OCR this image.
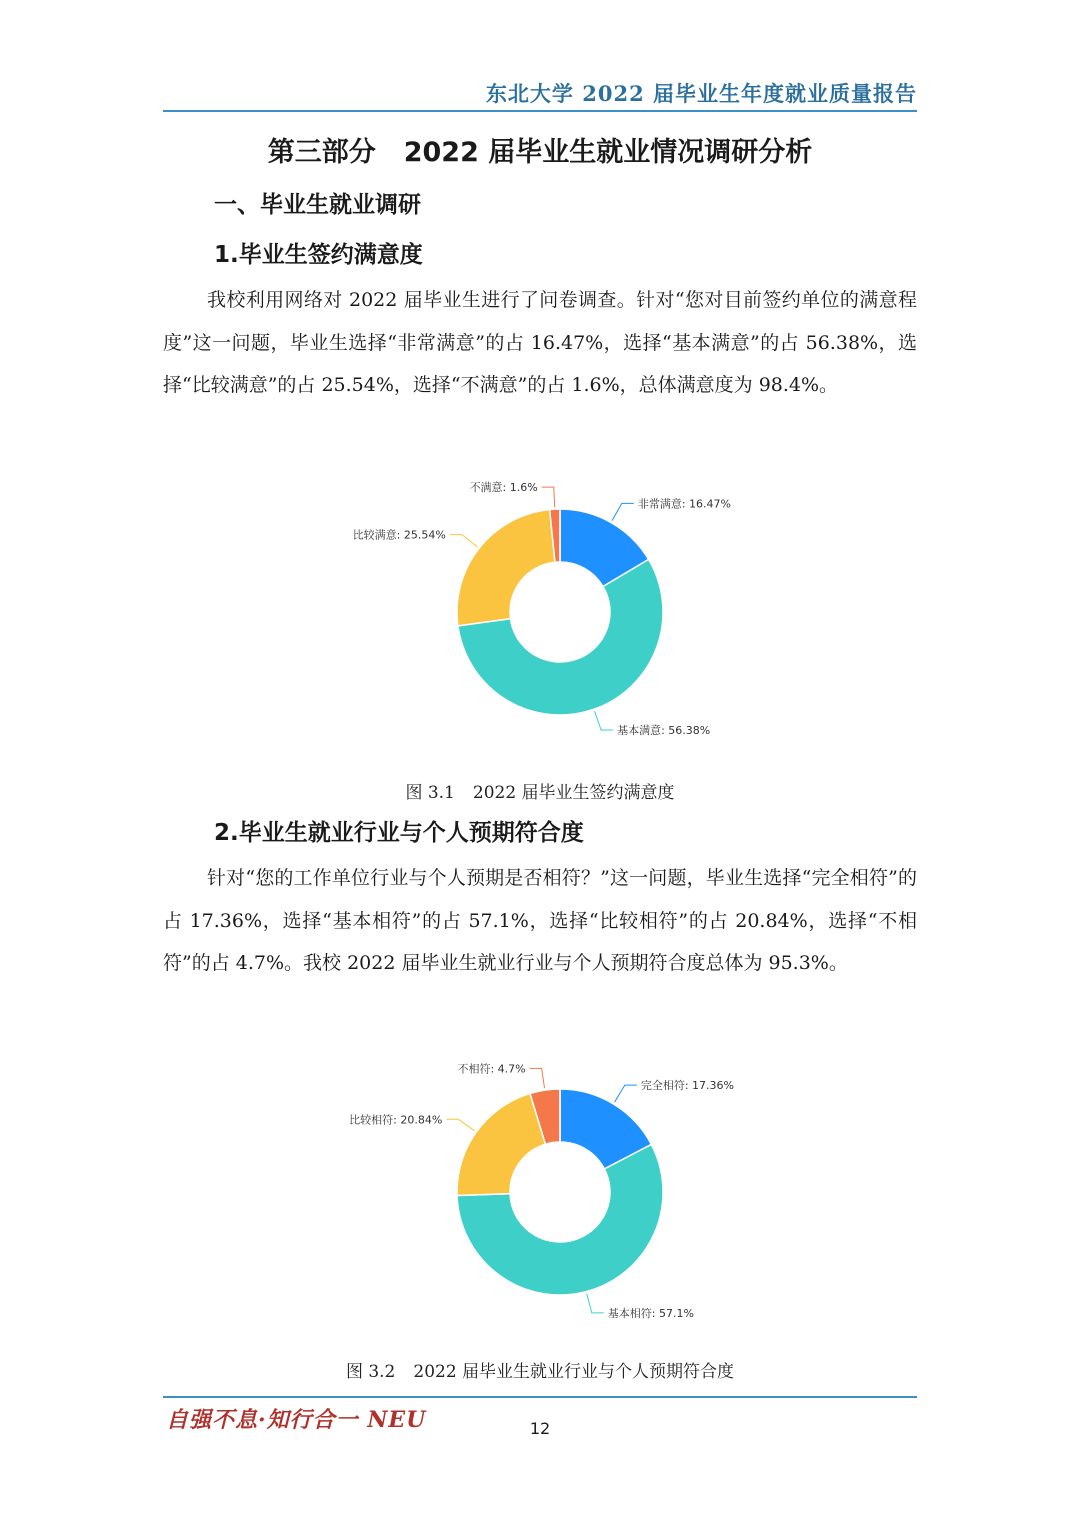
东北大学 2022 届毕业生年度就业质量报告
第三部分 2022 届毕业生就业情况调研分析
一、毕业生就业调研
1.毕业生签约满意度

我校利用网络对 2022 届毕业生进行了问卷调查。针对“您对目前签约单位的满意程度”这一问题，毕业生选择“非常满意”的占 16.47%，选择“基本满意”的占 56.38%，选择“比较满意”的占 25.54%，选择“不满意”的占 1.6%，总体满意度为 98.4%。

非常满意: 16.47%
基本满意: 56.38%
比较满意: 25.54%
不满意: 1.6%
图 3.1 2022 届毕业生签约满意度
2.毕业生就业行业与个人预期符合度

针对“您的工作单位行业与个人预期是否相符？”这一问题，毕业生选择“完全相符”的占 17.36%，选择“基本相符”的占 57.1%，选择“比较相符”的占 20.84%，选择“不相符”的占 4.7%。我校 2022 届毕业生就业行业与个人预期符合度总体为 95.3%。

完全相符: 17.36%
基本相符: 57.1%
比较相符: 20.84%
不相符: 4.7%
图 3.2 2022 届毕业生就业行业与个人预期符合度
自强不息·知行合一 NEU	12
